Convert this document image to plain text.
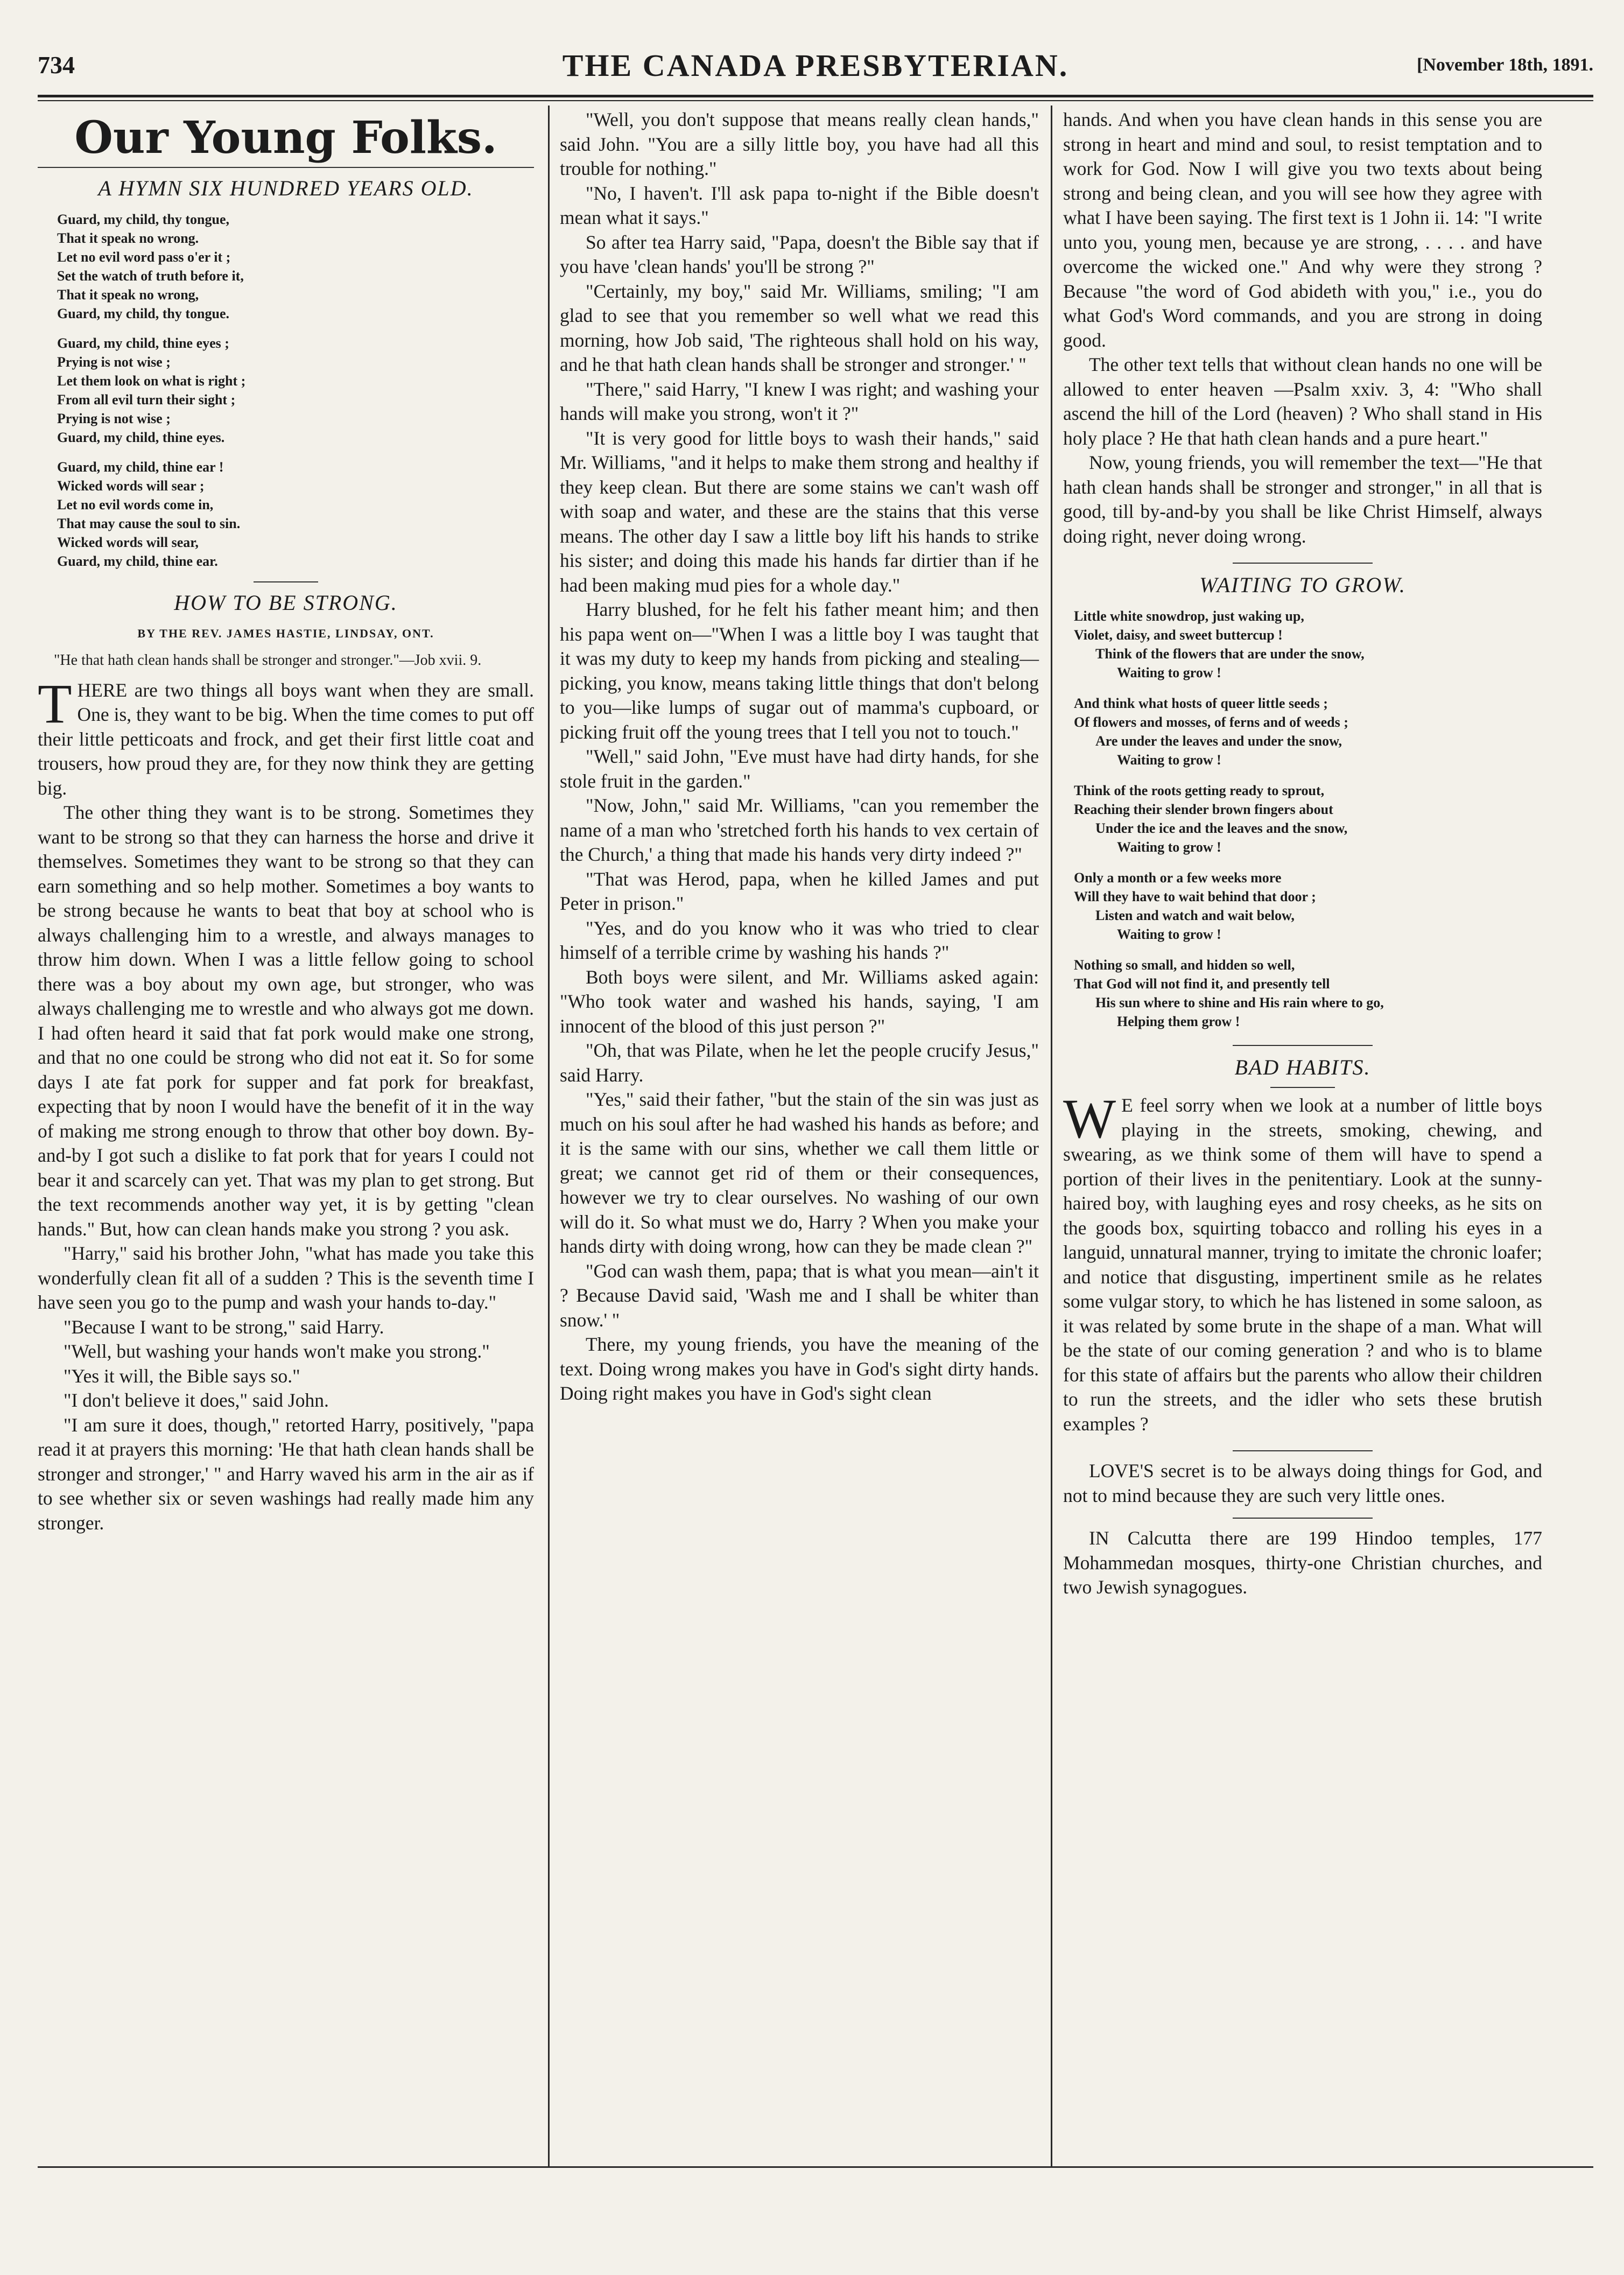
734	THE CANADA PRESBYTERIAN.	[November 18th, 1891.
Our Young Folks.
A HYMN SIX HUNDRED YEARS OLD.
Guard, my child, thy tongue,
That it speak no wrong.
Let no evil word pass o'er it ;
Set the watch of truth before it,
That it speak no wrong,
Guard, my child, thy tongue.
Guard, my child, thine eyes ;
Prying is not wise ;
Let them look on what is right ;
From all evil turn their sight ;
Prying is not wise ;
Guard, my child, thine eyes.
Guard, my child, thine ear !
Wicked words will sear ;
Let no evil words come in,
That may cause the soul to sin.
Wicked words will sear,
Guard, my child, thine ear.
HOW TO BE STRONG.
BY THE REV. JAMES HASTIE, LINDSAY, ONT.
"He that hath clean hands shall be stronger and stronger."—Job xvii. 9.

THERE are two things all boys want when they are small. One is, they want to be big. When the time comes to put off their little petticoats and frock, and get their first little coat and trousers, how proud they are, for they now think they are getting big.

The other thing they want is to be strong. Sometimes they want to be strong so that they can harness the horse and drive it themselves. Sometimes they want to be strong so that they can earn something and so help mother. Sometimes a boy wants to be strong because he wants to beat that boy at school who is always challenging him to a wrestle, and always manages to throw him down. When I was a little fellow going to school there was a boy about my own age, but stronger, who was always challenging me to wrestle and who always got me down. I had often heard it said that fat pork would make one strong, and that no one could be strong who did not eat it. So for some days I ate fat pork for supper and fat pork for breakfast, expecting that by noon I would have the benefit of it in the way of making me strong enough to throw that other boy down. By-and-by I got such a dislike to fat pork that for years I could not bear it and scarcely can yet. That was my plan to get strong. But the text recommends another way yet, it is by getting "clean hands." But, how can clean hands make you strong ? you ask.

"Harry," said his brother John, "what has made you take this wonderfully clean fit all of a sudden ? This is the seventh time I have seen you go to the pump and wash your hands to-day."

"Because I want to be strong," said Harry.

"Well, but washing your hands won't make you strong."

"Yes it will, the Bible says so."

"I don't believe it does," said John.

"I am sure it does, though," retorted Harry, positively, "papa read it at prayers this morning: 'He that hath clean hands shall be stronger and stronger,' " and Harry waved his arm in the air as if to see whether six or seven washings had really made him any stronger.

"Well, you don't suppose that means really clean hands," said John. "You are a silly little boy, you have had all this trouble for nothing."

"No, I haven't. I'll ask papa to-night if the Bible doesn't mean what it says."

So after tea Harry said, "Papa, doesn't the Bible say that if you have 'clean hands' you'll be strong ?"

"Certainly, my boy," said Mr. Williams, smiling; "I am glad to see that you remember so well what we read this morning, how Job said, 'The righteous shall hold on his way, and he that hath clean hands shall be stronger and stronger.' "

"There," said Harry, "I knew I was right; and washing your hands will make you strong, won't it ?"

"It is very good for little boys to wash their hands," said Mr. Williams, "and it helps to make them strong and healthy if they keep clean. But there are some stains we can't wash off with soap and water, and these are the stains that this verse means. The other day I saw a little boy lift his hands to strike his sister; and doing this made his hands far dirtier than if he had been making mud pies for a whole day."

Harry blushed, for he felt his father meant him; and then his papa went on—"When I was a little boy I was taught that it was my duty to keep my hands from picking and stealing—picking, you know, means taking little things that don't belong to you—like lumps of sugar out of mamma's cupboard, or picking fruit off the young trees that I tell you not to touch."

"Well," said John, "Eve must have had dirty hands, for she stole fruit in the garden."

"Now, John," said Mr. Williams, "can you remember the name of a man who 'stretched forth his hands to vex certain of the Church,' a thing that made his hands very dirty indeed ?"

"That was Herod, papa, when he killed James and put Peter in prison."

"Yes, and do you know who it was who tried to clear himself of a terrible crime by washing his hands ?"

Both boys were silent, and Mr. Williams asked again: "Who took water and washed his hands, saying, 'I am innocent of the blood of this just person ?"

"Oh, that was Pilate, when he let the people crucify Jesus," said Harry.

"Yes," said their father, "but the stain of the sin was just as much on his soul after he had washed his hands as before; and it is the same with our sins, whether we call them little or great; we cannot get rid of them or their consequences, however we try to clear ourselves. No washing of our own will do it. So what must we do, Harry ? When you make your hands dirty with doing wrong, how can they be made clean ?"

"God can wash them, papa; that is what you mean—ain't it ? Because David said, 'Wash me and I shall be whiter than snow.' "

There, my young friends, you have the meaning of the text. Doing wrong makes you have in God's sight dirty hands. Doing right makes you have in God's sight clean

hands. And when you have clean hands in this sense you are strong in heart and mind and soul, to resist temptation and to work for God. Now I will give you two texts about being strong and being clean, and you will see how they agree with what I have been saying. The first text is 1 John ii. 14: "I write unto you, young men, because ye are strong, . . . . and have overcome the wicked one." And why were they strong ? Because "the word of God abideth with you," i.e., you do what God's Word commands, and you are strong in doing good.

The other text tells that without clean hands no one will be allowed to enter heaven —Psalm xxiv. 3, 4: "Who shall ascend the hill of the Lord (heaven) ? Who shall stand in His holy place ? He that hath clean hands and a pure heart."

Now, young friends, you will remember the text—"He that hath clean hands shall be stronger and stronger," in all that is good, till by-and-by you shall be like Christ Himself, always doing right, never doing wrong.

WAITING TO GROW.
Little white snowdrop, just waking up,
Violet, daisy, and sweet buttercup !
Think of the flowers that are under the snow,
Waiting to grow !
And think what hosts of queer little seeds ;
Of flowers and mosses, of ferns and of weeds ;
Are under the leaves and under the snow,
Waiting to grow !
Think of the roots getting ready to sprout,
Reaching their slender brown fingers about
Under the ice and the leaves and the snow,
Waiting to grow !
Only a month or a few weeks more
Will they have to wait behind that door ;
Listen and watch and wait below,
Waiting to grow !
Nothing so small, and hidden so well,
That God will not find it, and presently tell
His sun where to shine and His rain where to go,
Helping them grow !
BAD HABITS.

WE feel sorry when we look at a number of little boys playing in the streets, smoking, chewing, and swearing, as we think some of them will have to spend a portion of their lives in the penitentiary. Look at the sunny-haired boy, with laughing eyes and rosy cheeks, as he sits on the goods box, squirting tobacco and rolling his eyes in a languid, unnatural manner, trying to imitate the chronic loafer; and notice that disgusting, impertinent smile as he relates some vulgar story, to which he has listened in some saloon, as it was related by some brute in the shape of a man. What will be the state of our coming generation ? and who is to blame for this state of affairs but the parents who allow their children to run the streets, and the idler who sets these brutish examples ?

LOVE'S secret is to be always doing things for God, and not to mind because they are such very little ones.

IN Calcutta there are 199 Hindoo temples, 177 Mohammedan mosques, thirty-one Christian churches, and two Jewish synagogues.
